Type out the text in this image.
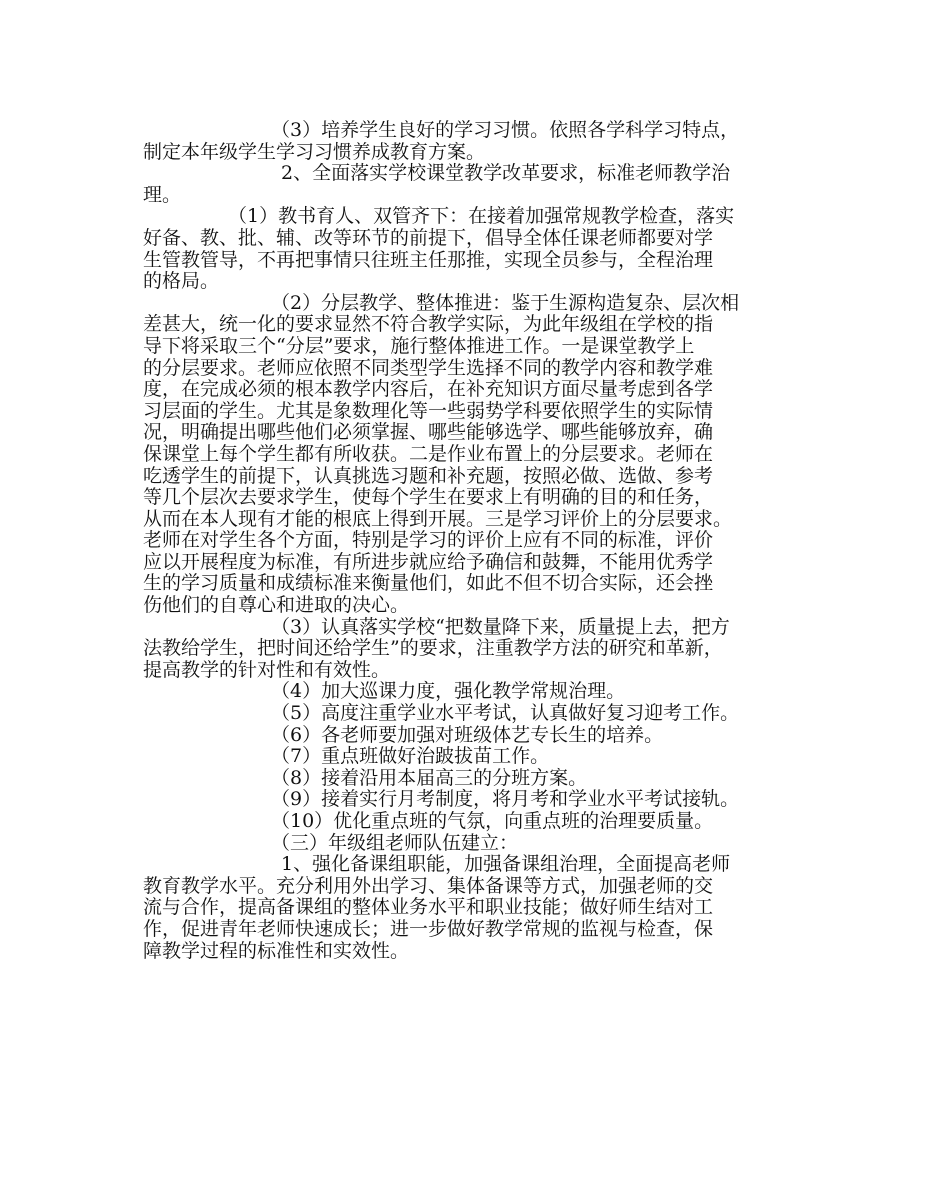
（3）培养学生良好的学习习惯。依照各学科学习特点，
制定本年级学生学习习惯养成教育方案。
2、全面落实学校课堂教学改革要求，标准老师教学治
理。
（1）教书育人、双管齐下：在接着加强常规教学检查，落实
好备、教、批、辅、改等环节的前提下，倡导全体任课老师都要对学
生管教管导，不再把事情只往班主任那推，实现全员参与，全程治理
的格局。
（2）分层教学、整体推进：鉴于生源构造复杂、层次相
差甚大，统一化的要求显然不符合教学实际，为此年级组在学校的指
导下将采取三个“分层”要求，施行整体推进工作。一是课堂教学上
的分层要求。老师应依照不同类型学生选择不同的教学内容和教学难
度，在完成必须的根本教学内容后，在补充知识方面尽量考虑到各学
习层面的学生。尤其是象数理化等一些弱势学科要依照学生的实际情
况，明确提出哪些他们必须掌握、哪些能够选学、哪些能够放弃，确
保课堂上每个学生都有所收获。二是作业布置上的分层要求。老师在
吃透学生的前提下，认真挑选习题和补充题，按照必做、选做、参考
等几个层次去要求学生，使每个学生在要求上有明确的目的和任务，
从而在本人现有才能的根底上得到开展。三是学习评价上的分层要求。
老师在对学生各个方面，特别是学习的评价上应有不同的标准，评价
应以开展程度为标准，有所进步就应给予确信和鼓舞，不能用优秀学
生的学习质量和成绩标准来衡量他们，如此不但不切合实际，还会挫
伤他们的自尊心和进取的决心。
（3）认真落实学校“把数量降下来，质量提上去，把方
法教给学生，把时间还给学生”的要求，注重教学方法的研究和革新，
提高教学的针对性和有效性。
（4）加大巡课力度，强化教学常规治理。
（5）高度注重学业水平考试，认真做好复习迎考工作。
（6）各老师要加强对班级体艺专长生的培养。
（7）重点班做好治跛拔苗工作。
（8）接着沿用本届高三的分班方案。
（9）接着实行月考制度，将月考和学业水平考试接轨。
（10）优化重点班的气氛，向重点班的治理要质量。
（三）年级组老师队伍建立：
1、强化备课组职能，加强备课组治理，全面提高老师
教育教学水平。充分利用外出学习、集体备课等方式，加强老师的交
流与合作，提高备课组的整体业务水平和职业技能；做好师生结对工
作，促进青年老师快速成长；进一步做好教学常规的监视与检查，保
障教学过程的标准性和实效性。
